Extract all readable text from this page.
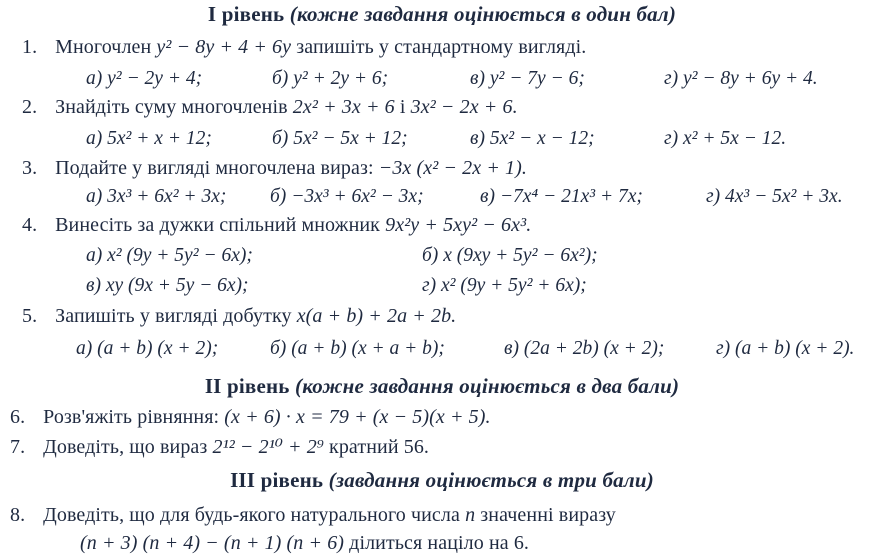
І рівень (кожне завдання оцінюється в один бал)
1. Многочлен y² − 8y + 4 + 6y запишіть у стандартному вигляді.
а) y² − 2y + 4;	б) y² + 2y + 6;	в) y² − 7y − 6;	г) y² − 8y + 6y + 4.
2. Знайдіть суму многочленів 2x² + 3x + 6 і 3x² − 2x + 6.
а) 5x² + x + 12;	б) 5x² − 5x + 12;	в) 5x² − x − 12;	г) x² + 5x − 12.
3. Подайте у вигляді многочлена вираз: −3x (x² − 2x + 1).
а) 3x³ + 6x² + 3x; б) −3x³ + 6x² − 3x;	в) −7x⁴ − 21x³ + 7x;	г) 4x³ − 5x² + 3x.
4. Винесіть за дужки спільний множник 9x²y + 5xy² − 6x³.
а) x² (9y + 5y² − 6x);	б) x (9xy + 5y² − 6x²);
в) xy (9x + 5y − 6x);	г) x² (9y + 5y² + 6x);
5. Запишіть у вигляді добутку x(a + b) + 2a + 2b.
а) (a + b) (x + 2);	б) (a + b) (x + a + b);	в) (2a + 2b) (x + 2);	г) (a + b) (x + 2).
ІІ рівень (кожне завдання оцінюється в два бали)
6. Розв'яжіть рівняння: (x + 6) · x = 79 + (x − 5)(x + 5).
7. Доведіть, що вираз 2¹² − 2¹⁰ + 2⁹ кратний 56.
ІІІ рівень (завдання оцінюється в три бали)
8. Доведіть, що для будь-якого натурального числа n значенні виразу
(n + 3) (n + 4) − (n + 1) (n + 6) ділиться націло на 6.
